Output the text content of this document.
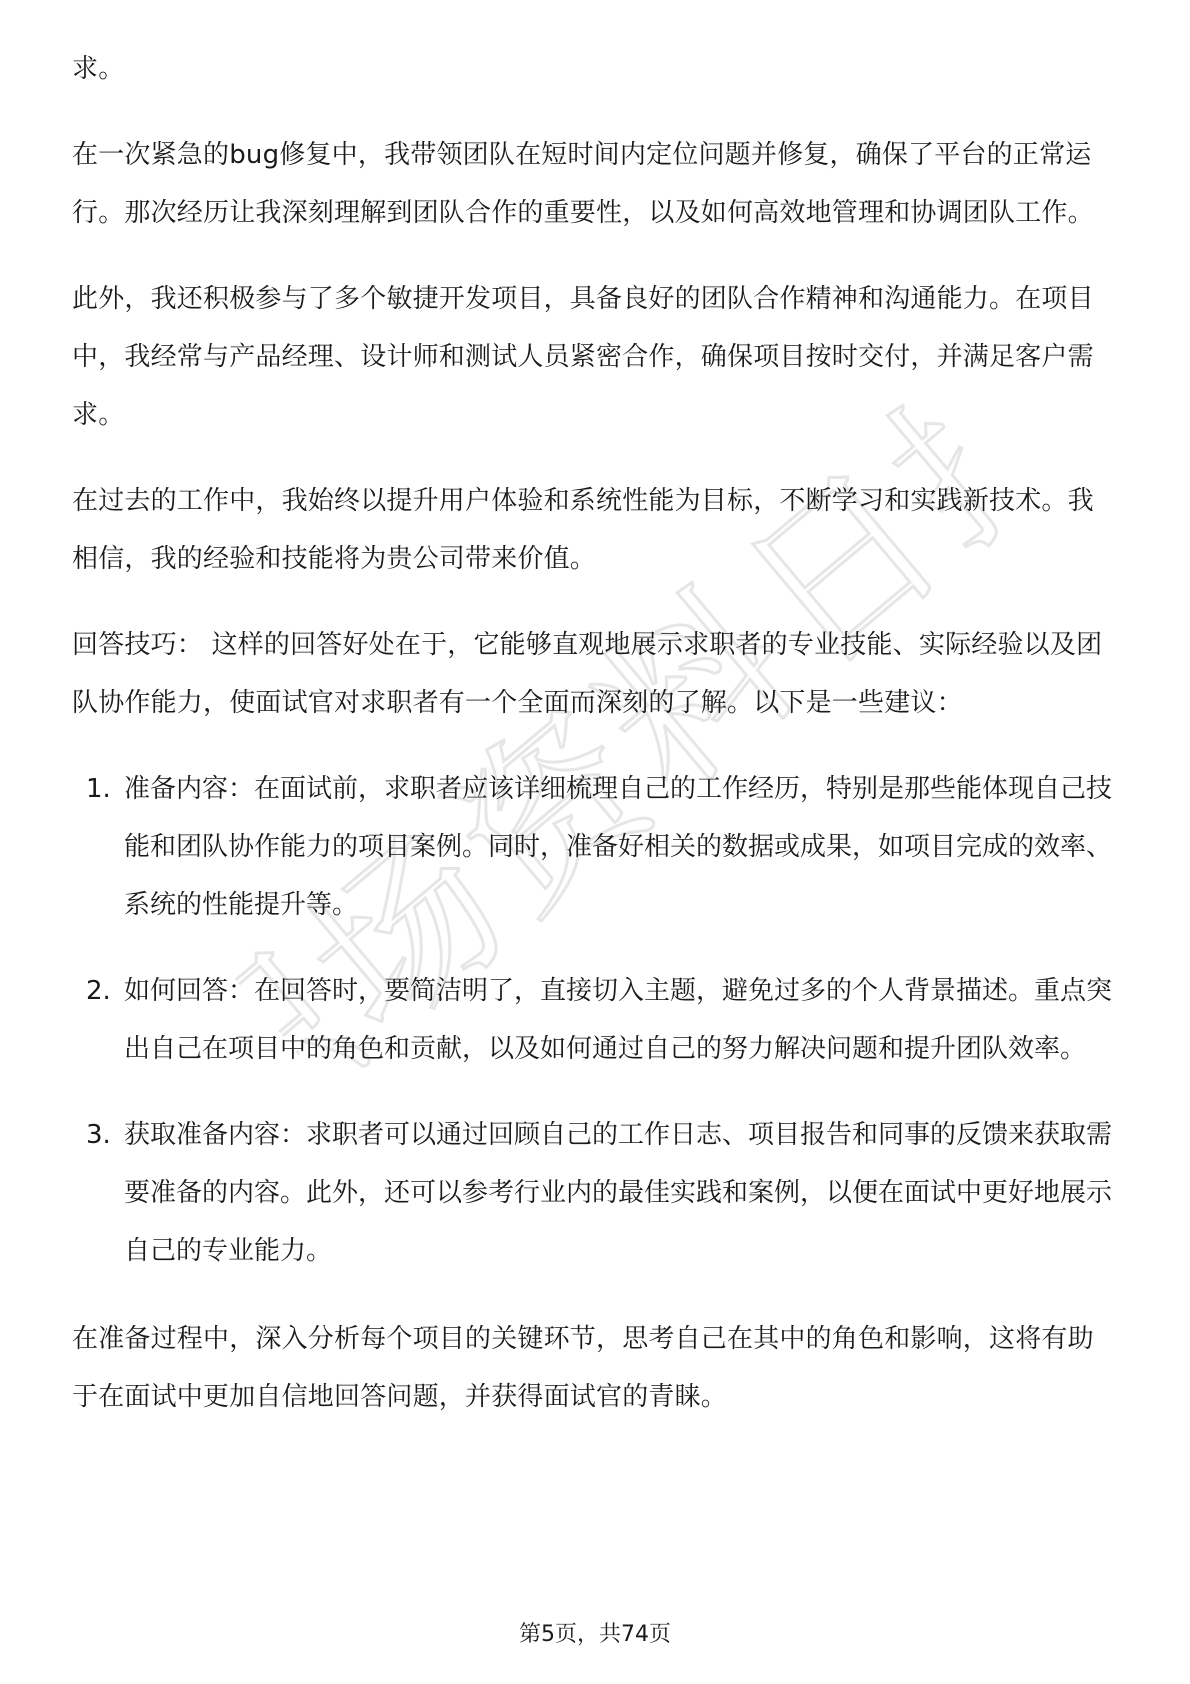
职场资料日报

求。

在一次紧急的bug修复中，我带领团队在短时间内定位问题并修复，确保了平台的正常运行。那次经历让我深刻理解到团队合作的重要性，以及如何高效地管理和协调团队工作。

此外，我还积极参与了多个敏捷开发项目，具备良好的团队合作精神和沟通能力。在项目中，我经常与产品经理、设计师和测试人员紧密合作，确保项目按时交付，并满足客户需求。

在过去的工作中，我始终以提升用户体验和系统性能为目标，不断学习和实践新技术。我相信，我的经验和技能将为贵公司带来价值。

回答技巧： 这样的回答好处在于，它能够直观地展示求职者的专业技能、实际经验以及团队协作能力，使面试官对求职者有一个全面而深刻的了解。以下是一些建议：

1. 准备内容：在面试前，求职者应该详细梳理自己的工作经历，特别是那些能体现自己技能和团队协作能力的项目案例。同时，准备好相关的数据或成果，如项目完成的效率、系统的性能提升等。
2. 如何回答：在回答时，要简洁明了，直接切入主题，避免过多的个人背景描述。重点突出自己在项目中的角色和贡献，以及如何通过自己的努力解决问题和提升团队效率。
3. 获取准备内容：求职者可以通过回顾自己的工作日志、项目报告和同事的反馈来获取需要准备的内容。此外，还可以参考行业内的最佳实践和案例，以便在面试中更好地展示自己的专业能力。

在准备过程中，深入分析每个项目的关键环节，思考自己在其中的角色和影响，这将有助于在面试中更加自信地回答问题，并获得面试官的青睐。

第5页，共74页
